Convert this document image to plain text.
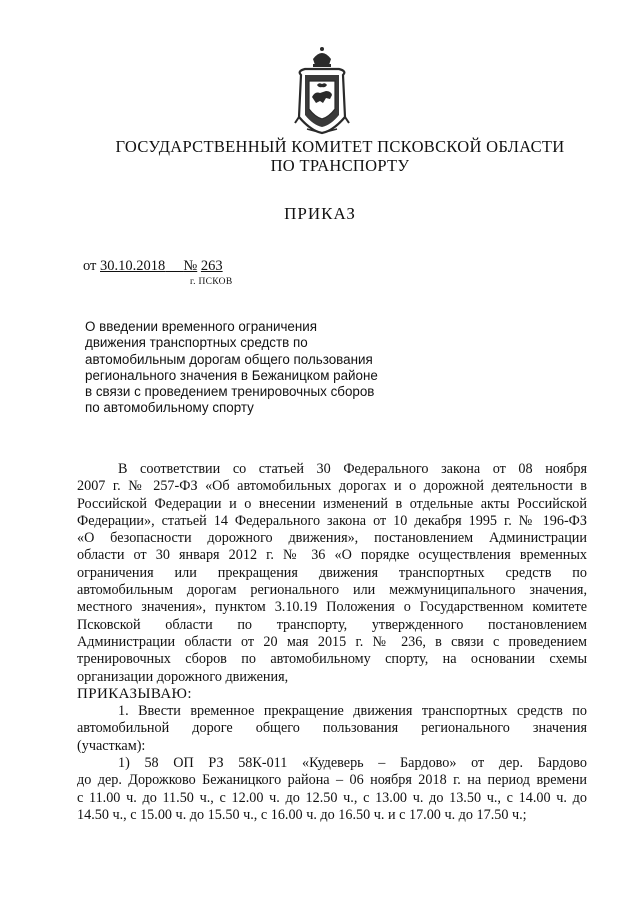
ГОСУДАРСТВЕННЫЙ КОМИТЕТ ПСКОВСКОЙ ОБЛАСТИ
ПО ТРАНСПОРТУ
ПРИКАЗ
от 30.10.2018 № 263
г. ПСКОВ
О введении временного ограничения
движения транспортных средств по
автомобильным дорогам общего пользования
регионального значения в Бежаницком районе
в связи с проведением тренировочных сборов
по автомобильному спорту
В соответствии со статьей 30 Федерального закона от 08 ноября
2007 г. № 257-ФЗ «Об автомобильных дорогах и о дорожной деятельности в
Российской Федерации и о внесении изменений в отдельные акты Российской
Федерации», статьей 14 Федерального закона от 10 декабря 1995 г. № 196-ФЗ
«О безопасности дорожного движения», постановлением Администрации
области от 30 января 2012 г. № 36 «О порядке осуществления временных
ограничения или прекращения движения транспортных средств по
автомобильным дорогам регионального или межмуниципального значения,
местного значения», пунктом 3.10.19 Положения о Государственном комитете
Псковской области по транспорту, утвержденного постановлением
Администрации области от 20 мая 2015 г. № 236, в связи с проведением
тренировочных сборов по автомобильному спорту, на основании схемы
организации дорожного движения,
ПРИКАЗЫВАЮ:
1. Ввести временное прекращение движения транспортных средств по
автомобильной дороге общего пользования регионального значения
(участкам):
1) 58 ОП РЗ 58К-011 «Кудеверь – Бардово» от дер. Бардово
до дер. Дорожково Бежаницкого района – 06 ноября 2018 г. на период времени
с 11.00 ч. до 11.50 ч., с 12.00 ч. до 12.50 ч., с 13.00 ч. до 13.50 ч., с 14.00 ч. до
14.50 ч., с 15.00 ч. до 15.50 ч., с 16.00 ч. до 16.50 ч. и с 17.00 ч. до 17.50 ч.;
